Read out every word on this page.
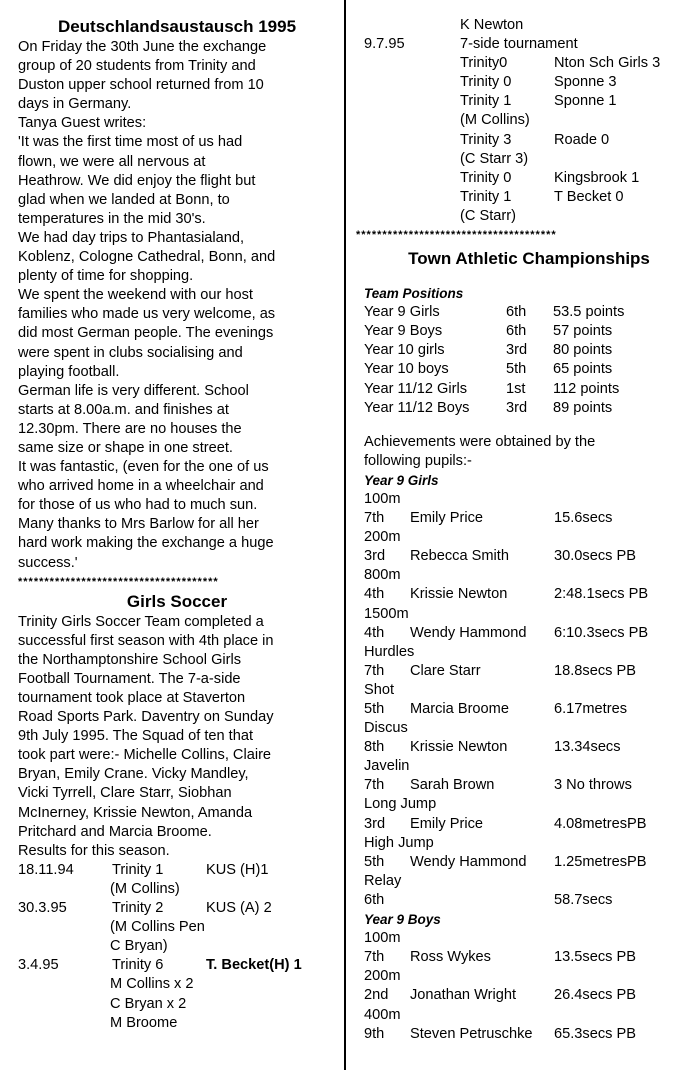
Deutschlandsaustausch 1995

On Friday the 30th June the exchange

group of 20 students from Trinity and

Duston upper school returned from 10

days in Germany.

Tanya Guest writes:

'It was the first time most of us had

flown, we were all nervous at

Heathrow. We did enjoy the flight but

glad when we landed at Bonn, to

temperatures in the mid 30's.

We had day trips to Phantasialand,

Koblenz, Cologne Cathedral, Bonn, and

plenty of time for shopping.

We spent the weekend with our host

families who made us very welcome, as

did most German people. The evenings

were spent in clubs socialising and

playing football.

German life is very different. School

starts at 8.00a.m. and finishes at

12.30pm. There are no houses the

same size or shape in one street.

It was fantastic, (even for the one of us

who arrived home in a wheelchair and

for those of us who had to much sun.

Many thanks to Mrs Barlow for all her

hard work making the exchange a huge

success.'

**************************************
Girls Soccer

Trinity Girls Soccer Team completed a

successful first season with 4th place in

the Northamptonshire School Girls

Football Tournament. The 7-a-side

tournament took place at Staverton

Road Sports Park. Daventry on Sunday

9th July 1995. The Squad of ten that

took part were:- Michelle Collins, Claire

Bryan, Emily Crane. Vicky Mandley,

Vicki Tyrrell, Clare Starr, Siobhan

McInerney, Krissie Newton, Amanda

Pritchard and Marcia Broome.

Results for this season.

18.11.94	Trinity 1	KUS (H)1
(M Collins)
30.3.95	Trinity 2	KUS (A) 2
(M Collins Pen
C Bryan)
3.4.95	Trinity 6	T. Becket(H) 1
M Collins x 2
C Bryan x 2
M Broome
K Newton
9.7.95	7-side tournament
Trinity0	Nton Sch Girls 3
Trinity 0	Sponne 3
Trinity 1	Sponne 1
(M Collins)
Trinity 3	Roade 0
(C Starr 3)
Trinity 0	Kingsbrook 1
Trinity 1	T Becket 0
(C Starr)
**************************************
Town Athletic Championships
Team Positions
Year 9 Girls	6th	53.5 points
Year 9 Boys	6th	57 points
Year 10 girls	3rd	80 points
Year 10 boys	5th	65 points
Year 11/12 Girls	1st	112 points
Year 11/12 Boys	3rd	89 points

Achievements were obtained by the

following pupils:-

Year 9 Girls
100m
7th	Emily Price	15.6secs
200m
3rd	Rebecca Smith	30.0secs PB
800m
4th	Krissie Newton	2:48.1secs PB
1500m
4th	Wendy Hammond	6:10.3secs PB
Hurdles
7th	Clare Starr	18.8secs PB
Shot
5th	Marcia Broome	6.17metres
Discus
8th	Krissie Newton	13.34secs
Javelin
7th	Sarah Brown	3 No throws
Long Jump
3rd	Emily Price	4.08metresPB
High Jump
5th	Wendy Hammond	1.25metresPB
Relay
6th	58.7secs
Year 9 Boys
100m
7th	Ross Wykes	13.5secs PB
200m
2nd	Jonathan Wright	26.4secs PB
400m
9th	Steven Petruschke	65.3secs PB
